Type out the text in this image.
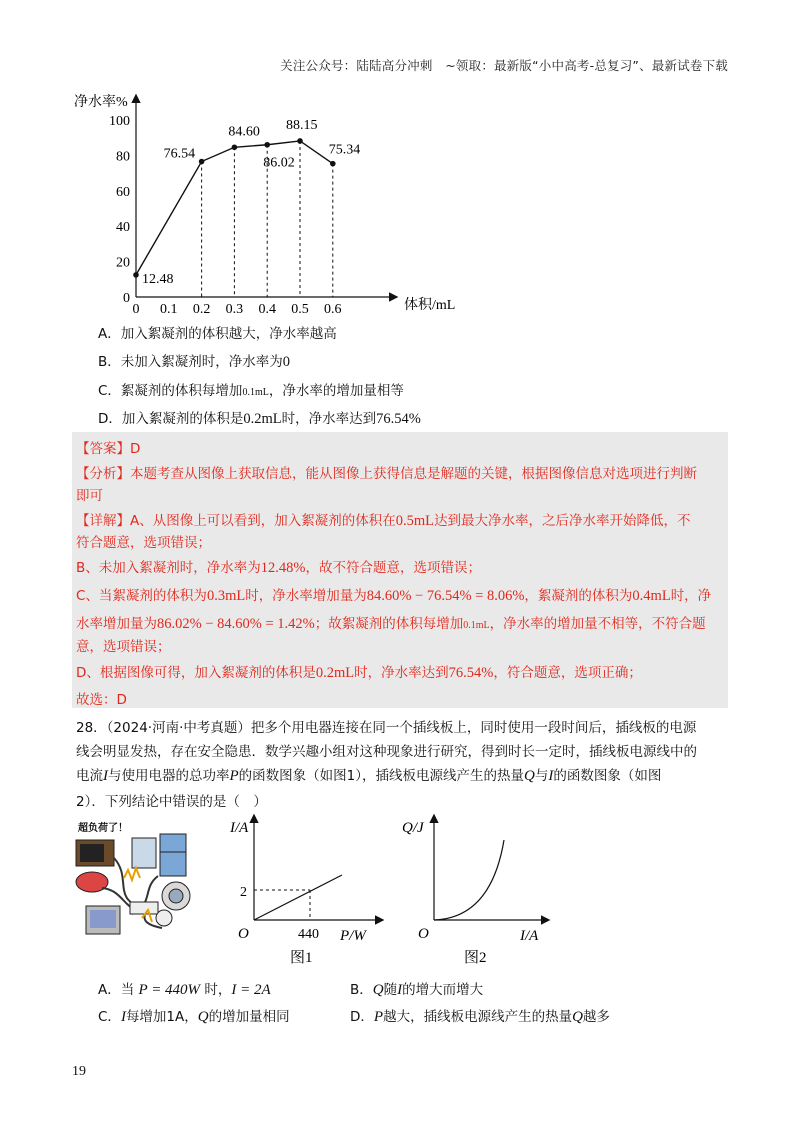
关注公众号：陆陆高分冲刺　~领取：最新版“小中高考-总复习”、最新试卷下载
净水率%
体积/mL
0
20
40
60
80
100
0 0.1 0.2 0.3 0.4 0.5 0.6
12.48
76.54
84.60
86.02
88.15
75.34
A．加入絮凝剂的体积越大，净水率越高
B．未加入絮凝剂时，净水率为0
C．絮凝剂的体积每增加0.1mL，净水率的增加量相等
D．加入絮凝剂的体积是0.2mL时，净水率达到76.54%
【答案】D
【分析】本题考查从图像上获取信息，能从图像上获得信息是解题的关键，根据图像信息对选项进行判断
即可
【详解】A、从图像上可以看到，加入絮凝剂的体积在0.5mL达到最大净水率，之后净水率开始降低，不
符合题意，选项错误；
B、未加入絮凝剂时，净水率为12.48%，故不符合题意，选项错误；
C、当絮凝剂的体积为0.3mL时，净水率增加量为84.60% − 76.54% = 8.06%，絮凝剂的体积为0.4mL时，净
水率增加量为86.02% − 84.60% = 1.42%；故絮凝剂的体积每增加0.1mL，净水率的增加量不相等，不符合题
意，选项错误；
D、根据图像可得，加入絮凝剂的体积是0.2mL时，净水率达到76.54%，符合题意，选项正确；
故选：D
28．（2024·河南·中考真题）把多个用电器连接在同一个插线板上，同时使用一段时间后，插线板的电源
线会明显发热，存在安全隐患．数学兴趣小组对这种现象进行研究，得到时长一定时，插线板电源线中的
电流I与使用电器的总功率P的函数图象（如图1），插线板电源线产生的热量Q与I的函数图象（如图
2）．下列结论中错误的是（　）
超负荷了！	I/A
P/W
O
2
440
图1
Q/J
I/A
O
图2
A．当 P = 440W 时，I = 2A	B．Q随I的增大而增大
C．I每增加1A，Q的增加量相同	D．P越大，插线板电源线产生的热量Q越多
19
